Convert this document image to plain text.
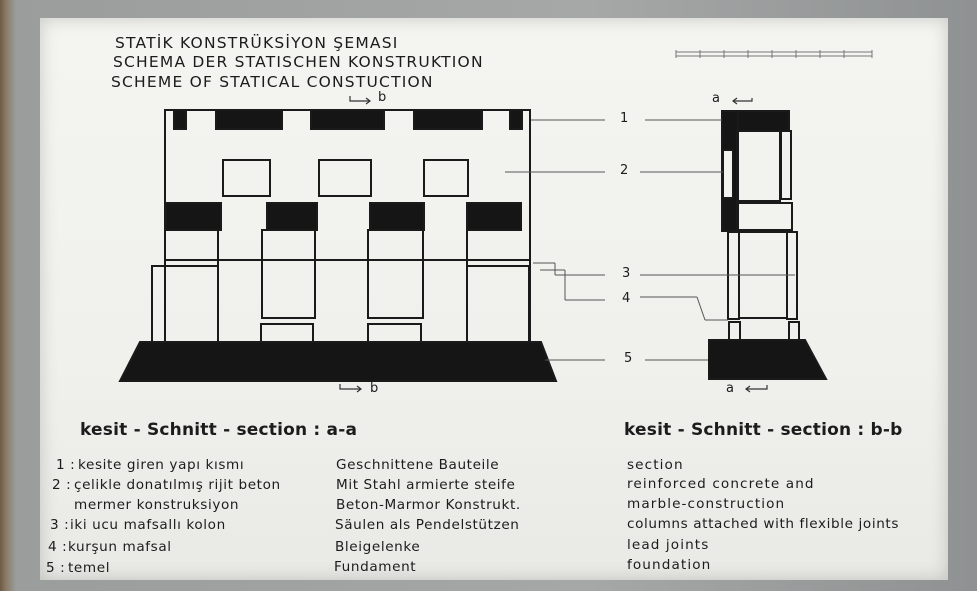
STATİK KONSTRÜKSİYON ŞEMASI
SCHEMA DER STATISCHEN KONSTRUKTION
SCHEME OF STATICAL CONSTUCTION
b
b
a
a
1
2
3
4
5
kesit - Schnitt - section : a-a	kesit - Schnitt - section : b-b
1 : kesite giren yapı kısmı	Geschnittene Bauteile	section
2 : çelikle donatılmış rijit beton	Mit Stahl armierte steife	reinforced concrete and
mermer konstruksiyon	Beton-Marmor Konstrukt.	marble-construction
3 : iki ucu mafsallı kolon	Säulen als Pendelstützen	columns attached with flexible joints
4 : kurşun mafsal	Bleigelenke	lead joints
5 : temel	Fundament	foundation
